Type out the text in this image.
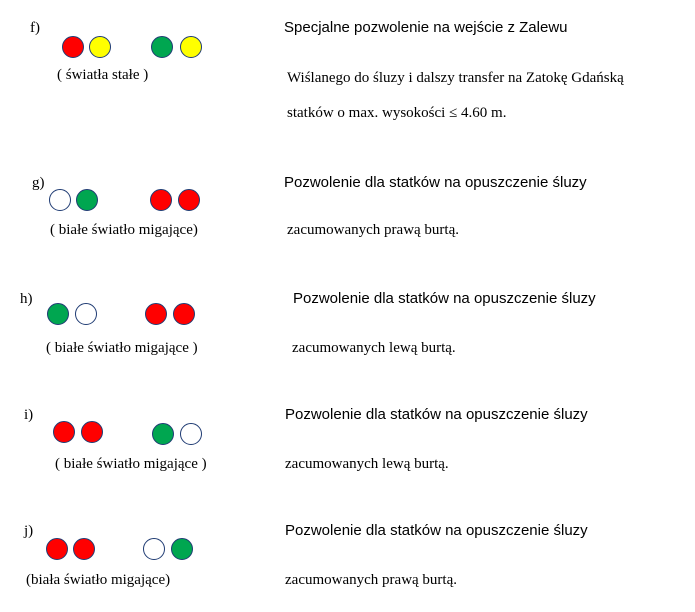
f)
( światła stałe )
Specjalne pozwolenie na wejście z Zalewu
Wiślanego do śluzy i dalszy transfer na Zatokę Gdańską
statków o max. wysokości ≤ 4.60 m.
g)
( białe światło migające)
Pozwolenie dla statków na opuszczenie śluzy
zacumowanych prawą burtą.
h)
( białe światło migające )
Pozwolenie dla statków na opuszczenie śluzy
zacumowanych lewą burtą.
i)
( białe światło migające )
Pozwolenie dla statków na opuszczenie śluzy
zacumowanych lewą burtą.
j)
(biała światło migające)
Pozwolenie dla statków na opuszczenie śluzy
zacumowanych prawą burtą.
